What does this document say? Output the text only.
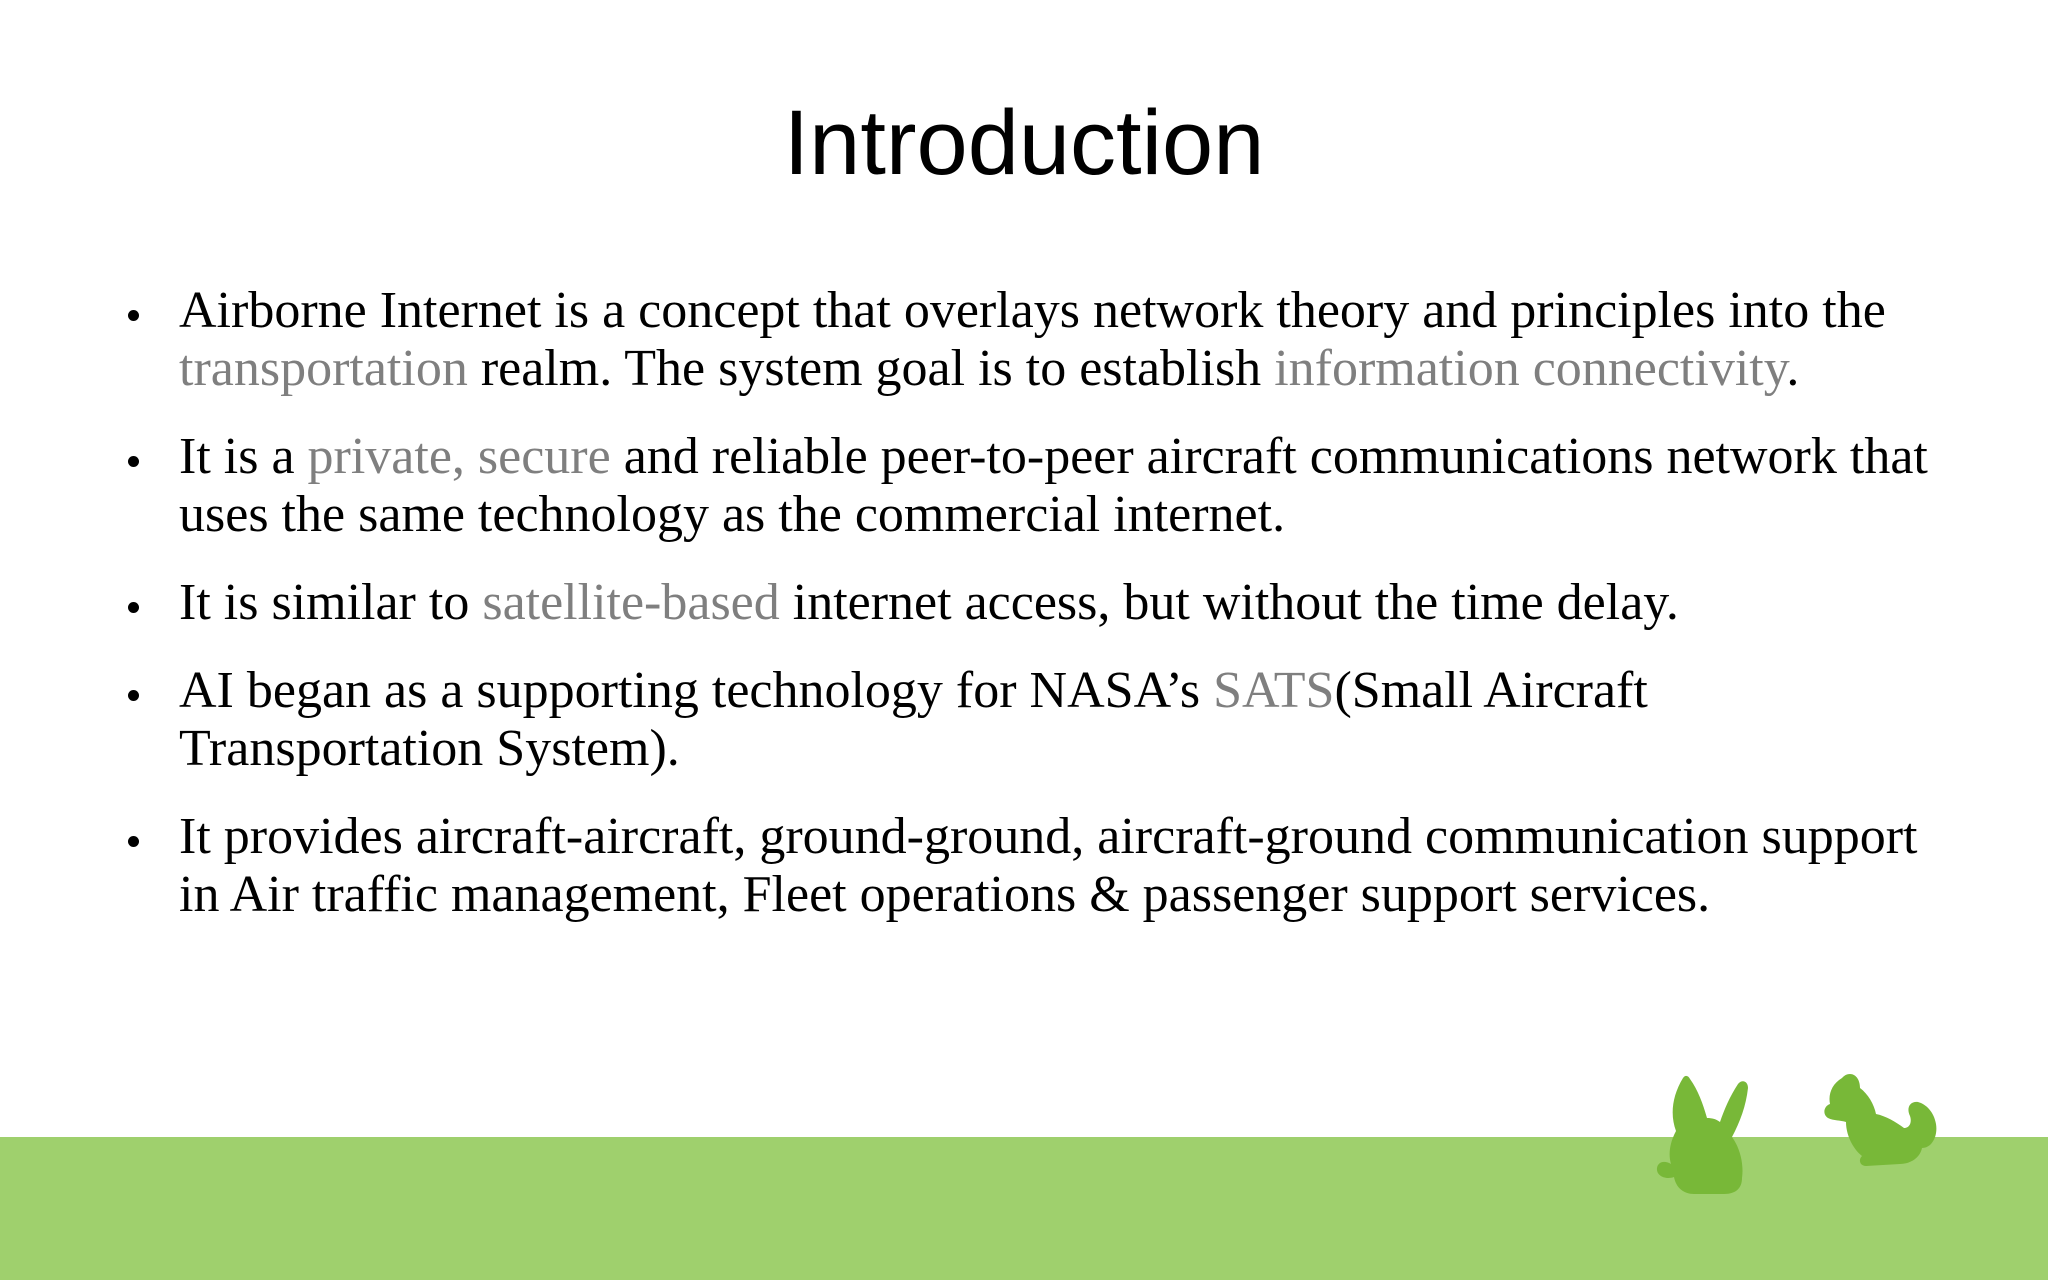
Introduction
Airborne Internet is a concept that overlays network theory and principles into the transportation realm. The system goal is to establish information connectivity.
It is a private, secure and reliable peer-to-peer aircraft communications network that uses the same technology as the commercial internet.
It is similar to satellite-based internet access, but without the time delay.
AI began as a supporting technology for NASA’s SATS(Small Aircraft Transportation System).
It provides aircraft-aircraft, ground-ground, aircraft-ground communication support in Air traffic management, Fleet operations & passenger support services.
